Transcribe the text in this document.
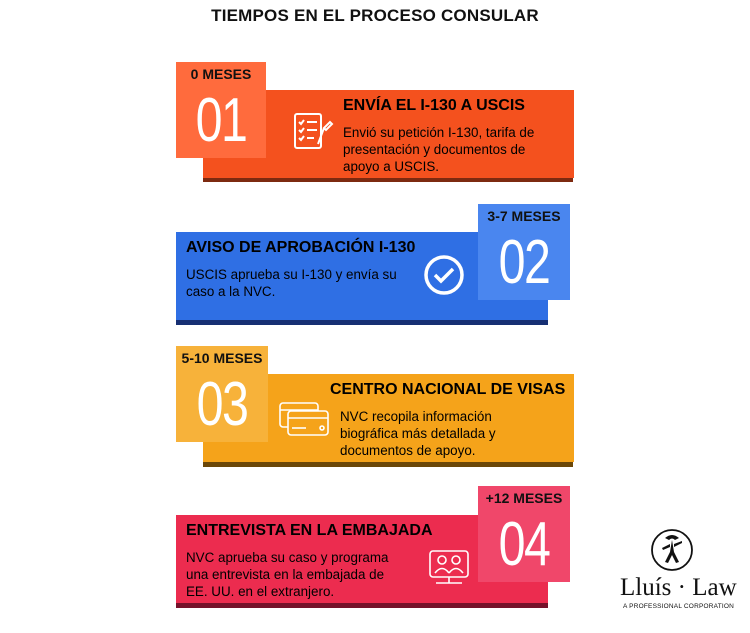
TIEMPOS EN EL PROCESO CONSULAR
0 MESES
01	ENVÍA EL I-130 A USCIS
Envió su petición I-130, tarifa de
presentación y documentos de
apoyo a USCIS.
3-7 MESES
02
AVISO DE APROBACIÓN I-130
USCIS aprueba su I-130 y envía su
caso a la NVC.
5-10 MESES
03	CENTRO NACIONAL DE VISAS
NVC recopila información
biográfica más detallada y
documentos de apoyo.
+12 MESES
04
ENTREVISTA EN LA EMBAJADA
NVC aprueba su caso y programa
una entrevista en la embajada de
EE. UU. en el extranjero.	Lluís · Law
A PROFESSIONAL CORPORATION
